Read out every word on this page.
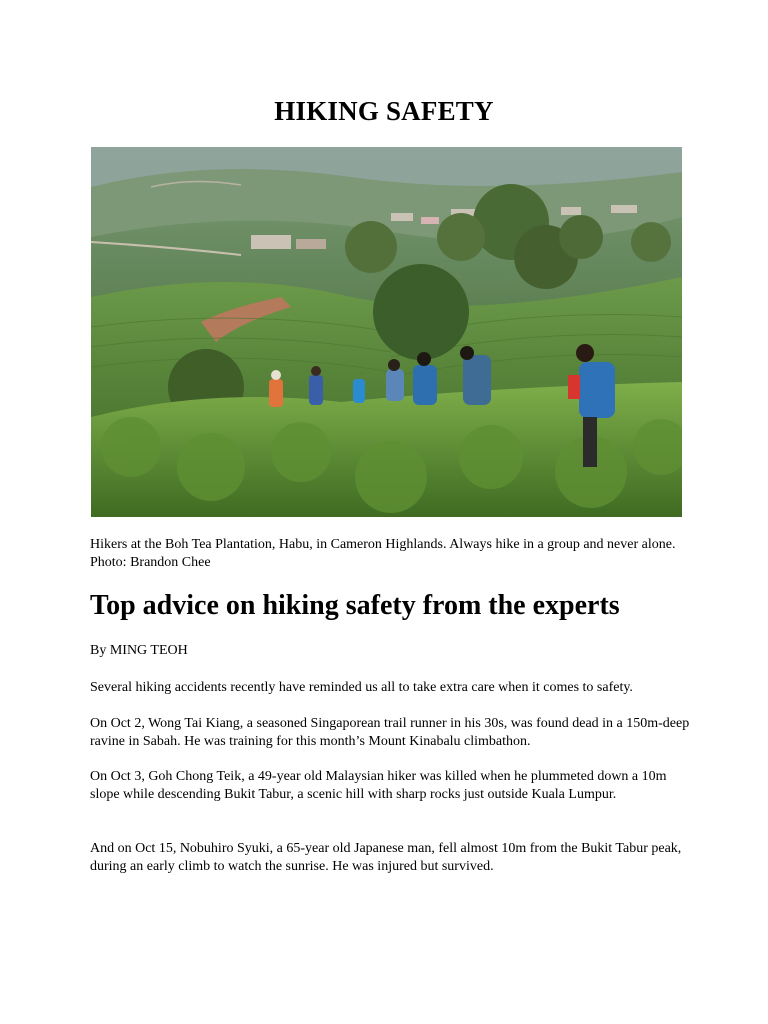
HIKING SAFETY
Hikers at the Boh Tea Plantation, Habu, in Cameron Highlands. Always hike in a group and never alone. Photo: Brandon Chee
Top advice on hiking safety from the experts
By MING TEOH

Several hiking accidents recently have reminded us all to take extra care when it comes to safety.

On Oct 2, Wong Tai Kiang, a seasoned Singaporean trail runner in his 30s, was found dead in a 150m-deep ravine in Sabah. He was training for this month’s Mount Kinabalu climbathon.

On Oct 3, Goh Chong Teik, a 49-year old Malaysian hiker was killed when he plummeted down a 10m slope while descending Bukit Tabur, a scenic hill with sharp rocks just outside Kuala Lumpur.

And on Oct 15, Nobuhiro Syuki, a 65-year old Japanese man, fell almost 10m from the Bukit Tabur peak, during an early climb to watch the sunrise. He was injured but survived.
